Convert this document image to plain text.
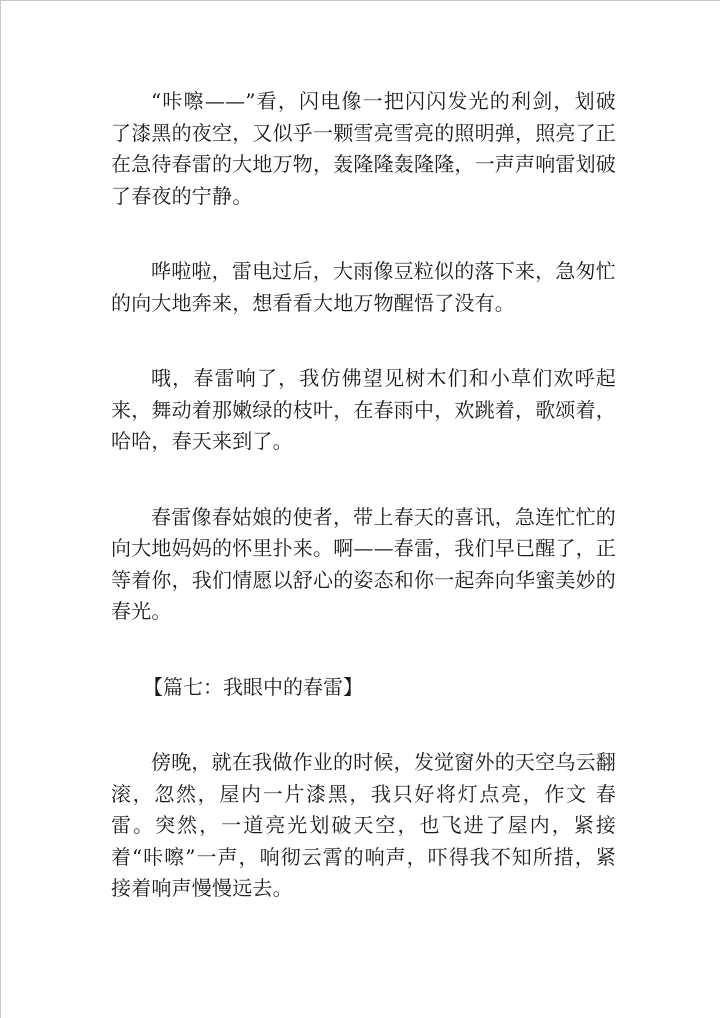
“咔嚓——”看，闪电像一把闪闪发光的利剑，划破了漆黑的夜空，又似乎一颗雪亮雪亮的照明弹，照亮了正在急待春雷的大地万物，轰隆隆轰隆隆，一声声响雷划破了春夜的宁静。

哗啦啦，雷电过后，大雨像豆粒似的落下来，急匆忙的向大地奔来，想看看大地万物醒悟了没有。

哦，春雷响了，我仿佛望见树木们和小草们欢呼起来，舞动着那嫩绿的枝叶，在春雨中，欢跳着，歌颂着，哈哈，春天来到了。

春雷像春姑娘的使者，带上春天的喜讯，急连忙忙的向大地妈妈的怀里扑来。啊——春雷，我们早已醒了，正等着你，我们情愿以舒心的姿态和你一起奔向华蜜美妙的春光。

【篇七：我眼中的春雷】

傍晚，就在我做作业的时候，发觉窗外的天空乌云翻滚，忽然，屋内一片漆黑，我只好将灯点亮，作文 春雷。突然，一道亮光划破天空，也飞进了屋内，紧接着“咔嚓”一声，响彻云霄的响声，吓得我不知所措，紧接着响声慢慢远去。
